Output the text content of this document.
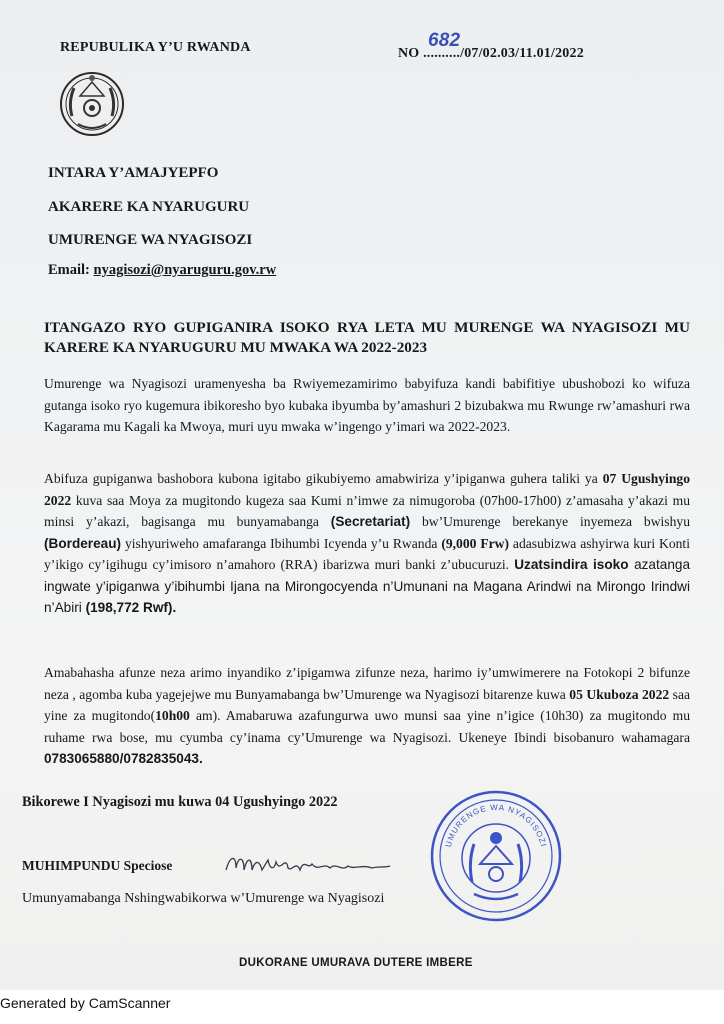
REPUBULIKA Y’U RWANDA	NO .........
682
./07/02.03/11.01/2022
INTARA Y’AMAJYEPFO
AKARERE KA NYARUGURU
UMURENGE WA NYAGISOZI
Email: nyagisozi@nyaruguru.gov.rw
ITANGAZO RYO GUPIGANIRA ISOKO RYA LETA MU MURENGE WA NYAGISOZI MU KARERE KA NYARUGURU MU MWAKA WA 2022-2023
Umurenge wa Nyagisozi uramenyesha ba Rwiyemezamirimo babyifuza kandi babifitiye ubushobozi ko wifuza gutanga isoko ryo kugemura ibikoresho byo kubaka ibyumba by’amashuri 2 bizubakwa mu Rwunge rw’amashuri rwa Kagarama mu Kagali ka Mwoya, muri uyu mwaka w’ingengo y’imari wa 2022-2023.
Abifuza gupiganwa bashobora kubona igitabo gikubiyemo amabwiriza y’ipiganwa guhera taliki ya 07 Ugushyingo 2022 kuva saa Moya za mugitondo kugeza saa Kumi n’imwe za nimugoroba (07h00-17h00) z’amasaha y’akazi mu minsi y’akazi, bagisanga mu bunyamabanga (Secretariat) bw’Umurenge berekanye inyemeza bwishyu (Bordereau) yishyuriweho amafaranga Ibihumbi Icyenda y’u Rwanda (9,000 Frw) adasubizwa ashyirwa kuri Konti y’ikigo cy’igihugu cy’imisoro n’amahoro (RRA) ibarizwa muri banki z’ubucuruzi. Uzatsindira isoko azatanga ingwate y’ipiganwa y’ibihumbi Ijana na Mirongocyenda n’Umunani na Magana Arindwi na Mirongo Irindwi n’Abiri (198,772 Rwf).
Amabahasha afunze neza arimo inyandiko z’ipigamwa zifunze neza, harimo iy’umwimerere na Fotokopi 2 bifunze neza , agomba kuba yagejejwe mu Bunyamabanga bw’Umurenge wa Nyagisozi bitarenze kuwa 05 Ukuboza 2022 saa yine za mugitondo(10h00 am). Amabaruwa azafungurwa uwo munsi saa yine n’igice (10h30) za mugitondo mu ruhame rwa bose, mu cyumba cy’inama cy’Umurenge wa Nyagisozi. Ukeneye Ibindi bisobanuro wahamagara 0783065880/0782835043.
Bikorewe I Nyagisozi mu kuwa 04 Ugushyingo 2022
MUHIMPUNDU Speciose
Umunyamabanga Nshingwabikorwa w’Umurenge wa Nyagisozi
UMURENGE WA NYAGISOZI
DUKORANE UMURAVA DUTERE IMBERE
Generated by CamScanner
